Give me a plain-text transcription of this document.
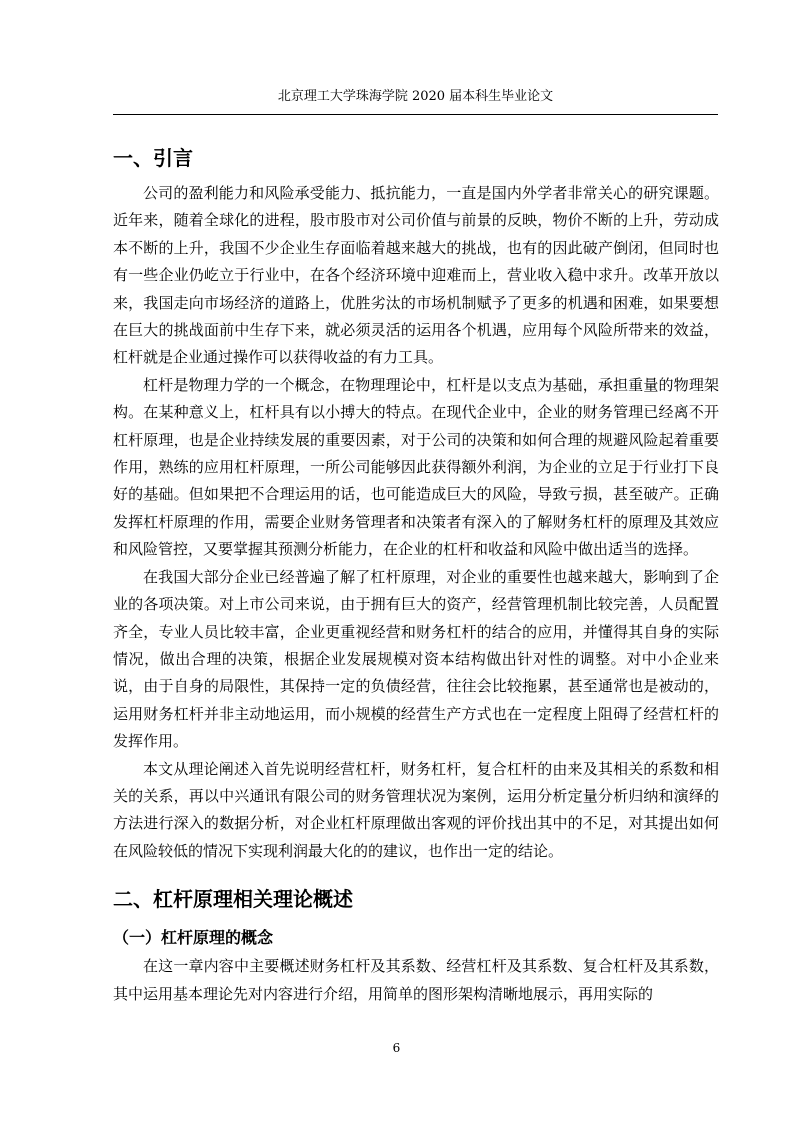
北京理工大学珠海学院 2020 届本科生毕业论文
一、引言

公司的盈利能力和风险承受能力、抵抗能力，一直是国内外学者非常关心的研究课题。近年来，随着全球化的进程，股市股市对公司价值与前景的反映，物价不断的上升，劳动成本不断的上升，我国不少企业生存面临着越来越大的挑战，也有的因此破产倒闭，但同时也有一些企业仍屹立于行业中，在各个经济环境中迎难而上，营业收入稳中求升。改革开放以来，我国走向市场经济的道路上，优胜劣汰的市场机制赋予了更多的机遇和困难，如果要想在巨大的挑战面前中生存下来，就必须灵活的运用各个机遇，应用每个风险所带来的效益，杠杆就是企业通过操作可以获得收益的有力工具。

杠杆是物理力学的一个概念，在物理理论中，杠杆是以支点为基础，承担重量的物理架构。在某种意义上，杠杆具有以小搏大的特点。在现代企业中，企业的财务管理已经离不开杠杆原理，也是企业持续发展的重要因素，对于公司的决策和如何合理的规避风险起着重要作用，熟练的应用杠杆原理，一所公司能够因此获得额外利润，为企业的立足于行业打下良好的基础。但如果把不合理运用的话，也可能造成巨大的风险，导致亏损，甚至破产。正确发挥杠杆原理的作用，需要企业财务管理者和决策者有深入的了解财务杠杆的原理及其效应和风险管控，又要掌握其预测分析能力，在企业的杠杆和收益和风险中做出适当的选择。

在我国大部分企业已经普遍了解了杠杆原理，对企业的重要性也越来越大，影响到了企业的各项决策。对上市公司来说，由于拥有巨大的资产，经营管理机制比较完善，人员配置齐全，专业人员比较丰富，企业更重视经营和财务杠杆的结合的应用，并懂得其自身的实际情况，做出合理的决策，根据企业发展规模对资本结构做出针对性的调整。对中小企业来说，由于自身的局限性，其保持一定的负债经营，往往会比较拖累，甚至通常也是被动的，运用财务杠杆并非主动地运用，而小规模的经营生产方式也在一定程度上阻碍了经营杠杆的发挥作用。

本文从理论阐述入首先说明经营杠杆，财务杠杆，复合杠杆的由来及其相关的系数和相关的关系，再以中兴通讯有限公司的财务管理状况为案例，运用分析定量分析归纳和演绎的方法进行深入的数据分析，对企业杠杆原理做出客观的评价找出其中的不足，对其提出如何在风险较低的情况下实现利润最大化的的建议，也作出一定的结论。

二、杠杆原理相关理论概述
（一）杠杆原理的概念

在这一章内容中主要概述财务杠杆及其系数、经营杠杆及其系数、复合杠杆及其系数，其中运用基本理论先对内容进行介绍，用简单的图形架构清晰地展示，再用实际的

6
